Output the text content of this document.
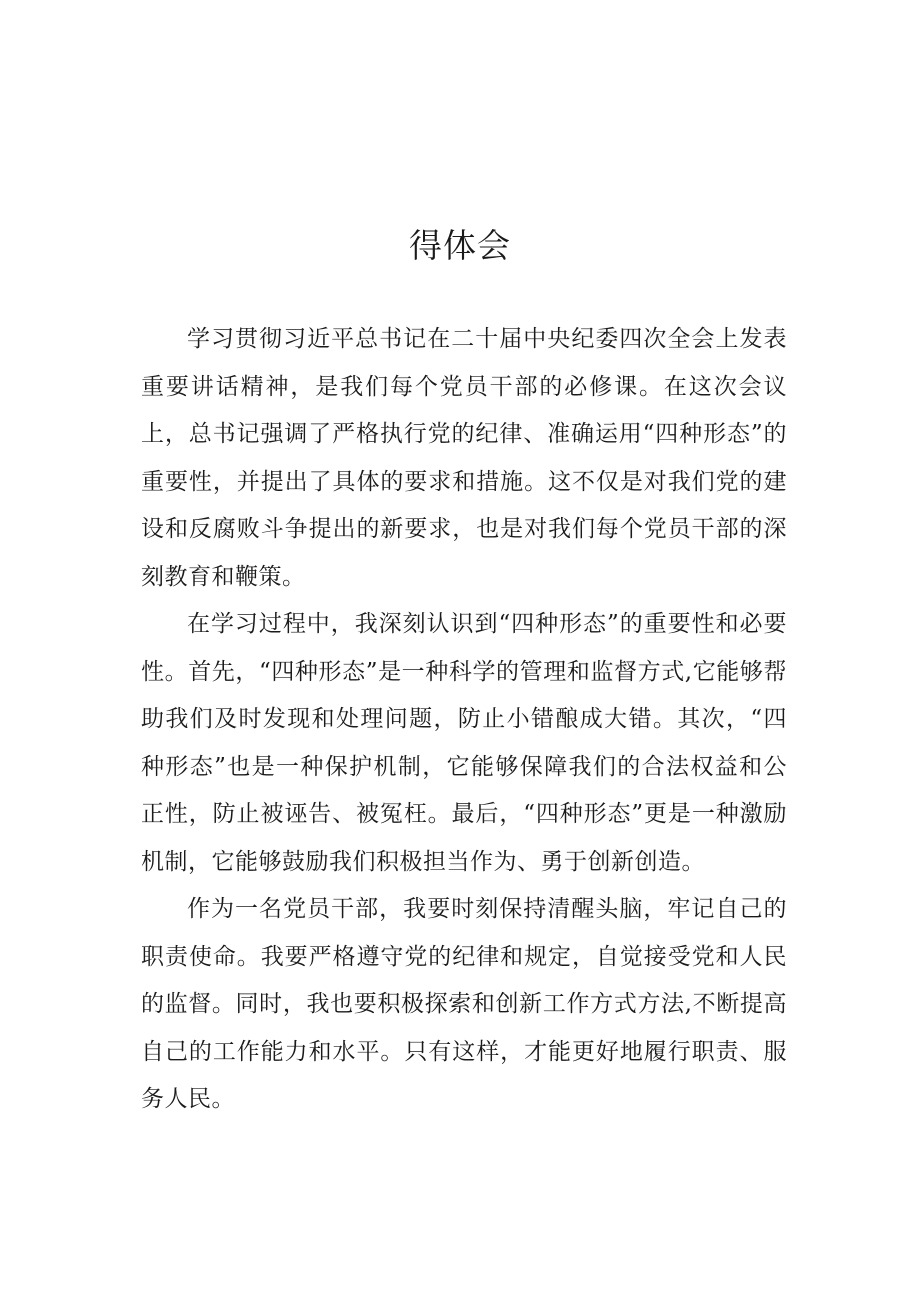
得体会

学习贯彻习近平总书记在二十届中央纪委四次全会上发表重要讲话精神，是我们每个党员干部的必修课。在这次会议上，总书记强调了严格执行党的纪律、准确运用“四种形态”的重要性，并提出了具体的要求和措施。这不仅是对我们党的建设和反腐败斗争提出的新要求，也是对我们每个党员干部的深刻教育和鞭策。

在学习过程中，我深刻认识到“四种形态”的重要性和必要性。首先，“四种形态”是一种科学的管理和监督方式,它能够帮助我们及时发现和处理问题，防止小错酿成大错。其次，“四种形态”也是一种保护机制，它能够保障我们的合法权益和公正性，防止被诬告、被冤枉。最后，“四种形态”更是一种激励机制，它能够鼓励我们积极担当作为、勇于创新创造。

作为一名党员干部，我要时刻保持清醒头脑，牢记自己的职责使命。我要严格遵守党的纪律和规定，自觉接受党和人民的监督。同时，我也要积极探索和创新工作方式方法,不断提高自己的工作能力和水平。只有这样，才能更好地履行职责、服务人民。
